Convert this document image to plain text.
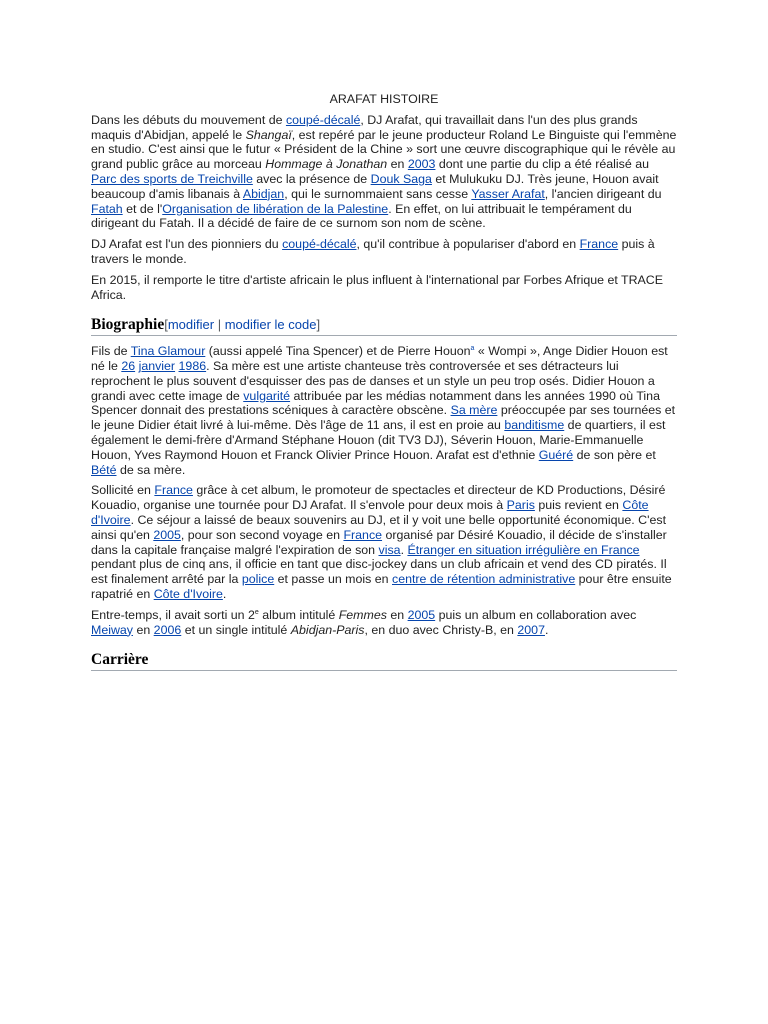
ARAFAT HISTOIRE

Dans les débuts du mouvement de coupé-décalé, DJ Arafat, qui travaillait dans l'un des plus grands maquis d'Abidjan, appelé le Shangaï, est repéré par le jeune producteur Roland Le Binguiste qui l'emmène en studio. C'est ainsi que le futur « Président de la Chine » sort une œuvre discographique qui le révèle au grand public grâce au morceau Hommage à Jonathan en 2003 dont une partie du clip a été réalisé au Parc des sports de Treichville avec la présence de Douk Saga et Mulukuku DJ. Très jeune, Houon avait beaucoup d'amis libanais à Abidjan, qui le surnommaient sans cesse Yasser Arafat, l'ancien dirigeant du Fatah et de l'Organisation de libération de la Palestine. En effet, on lui attribuait le tempérament du dirigeant du Fatah. Il a décidé de faire de ce surnom son nom de scène.

DJ Arafat est l'un des pionniers du coupé-décalé, qu'il contribue à populariser d'abord en France puis à travers le monde.

En 2015, il remporte le titre d'artiste africain le plus influent à l'international par Forbes Afrique et TRACE Africa.

Biographie[modifier | modifier le code]

Fils de Tina Glamour (aussi appelé Tina Spencer) et de Pierre Houon$^a$ « Wompi », Ange Didier Houon est né le 26 janvier 1986. Sa mère est une artiste chanteuse très controversée et ses détracteurs lui reprochent le plus souvent d'esquisser des pas de danses et un style un peu trop osés. Didier Houon a grandi avec cette image de vulgarité attribuée par les médias notamment dans les années 1990 où Tina Spencer donnait des prestations scéniques à caractère obscène. Sa mère préoccupée par ses tournées et le jeune Didier était livré à lui-même. Dès l'âge de 11 ans, il est en proie au banditisme de quartiers, il est également le demi-frère d'Armand Stéphane Houon (dit TV3 DJ), Séverin Houon, Marie-Emmanuelle Houon, Yves Raymond Houon et Franck Olivier Prince Houon. Arafat est d'ethnie Guéré de son père et Bété de sa mère.

Sollicité en France grâce à cet album, le promoteur de spectacles et directeur de KD Productions, Désiré Kouadio, organise une tournée pour DJ Arafat. Il s'envole pour deux mois à Paris puis revient en Côte d'Ivoire. Ce séjour a laissé de beaux souvenirs au DJ, et il y voit une belle opportunité économique. C'est ainsi qu'en 2005, pour son second voyage en France organisé par Désiré Kouadio, il décide de s'installer dans la capitale française malgré l'expiration de son visa. Étranger en situation irrégulière en France pendant plus de cinq ans, il officie en tant que disc-jockey dans un club africain et vend des CD piratés. Il est finalement arrêté par la police et passe un mois en centre de rétention administrative pour être ensuite rapatrié en Côte d'Ivoire.

Entre-temps, il avait sorti un 2e album intitulé Femmes en 2005 puis un album en collaboration avec Meiway en 2006 et un single intitulé Abidjan-Paris, en duo avec Christy-B, en 2007.

Carrière
